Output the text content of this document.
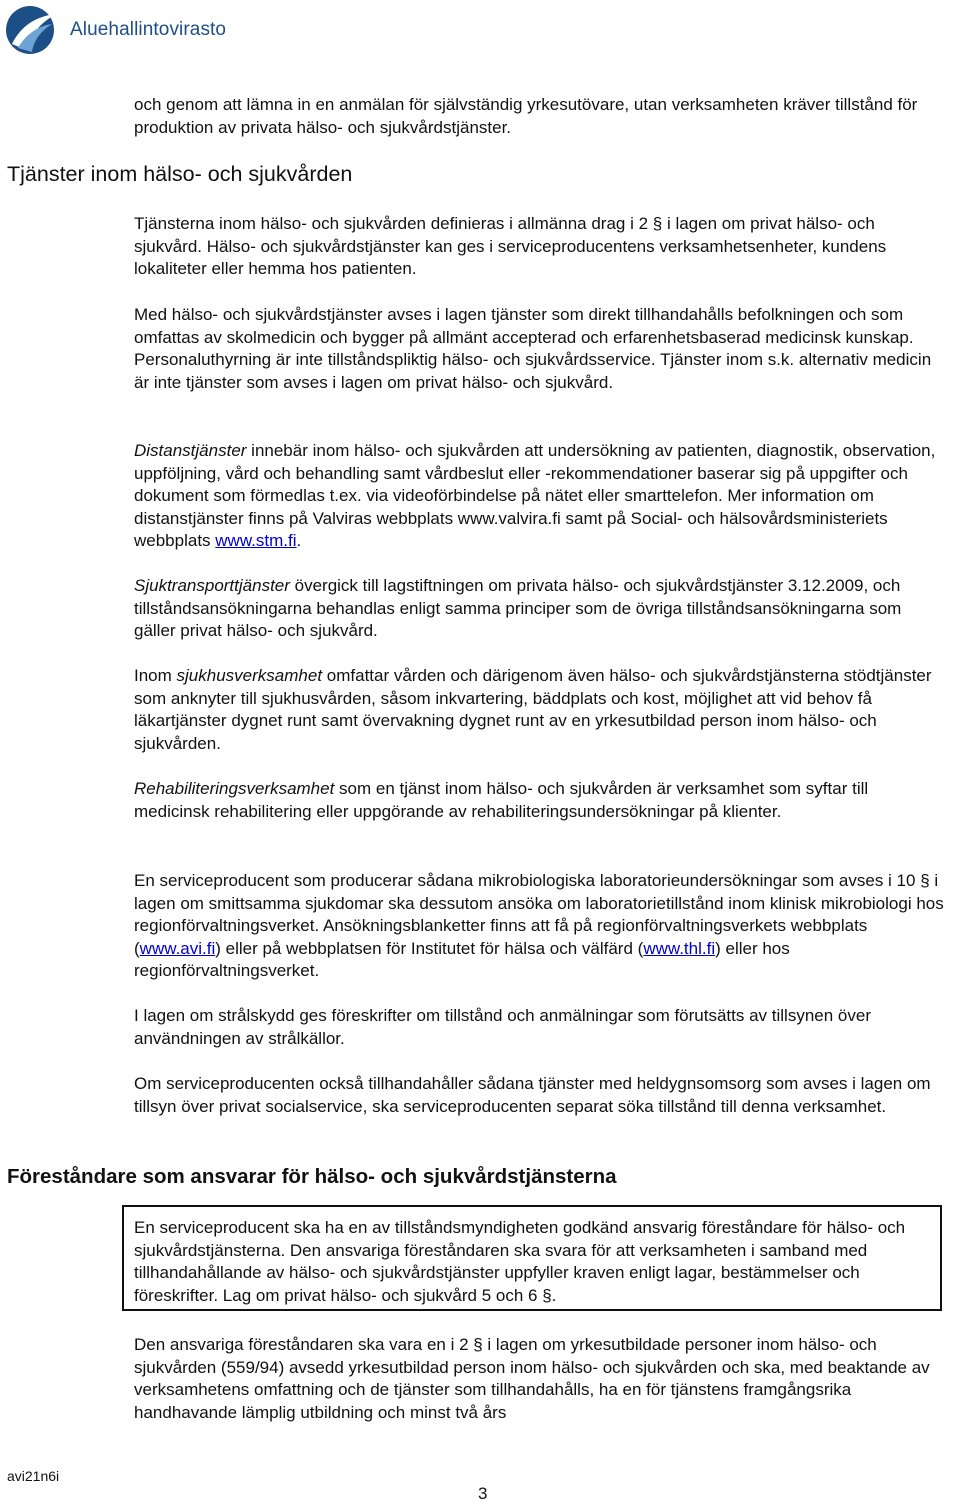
Aluehallintovirasto

och genom att lämna in en anmälan för självständig yrkesutövare, utan verksamheten kräver tillstånd för produktion av privata hälso- och sjukvårdstjänster.

Tjänster inom hälso- och sjukvården

Tjänsterna inom hälso- och sjukvården definieras i allmänna drag i 2 § i lagen om privat hälso- och sjukvård. Hälso- och sjukvårdstjänster kan ges i serviceproducentens verksamhetsenheter, kundens lokaliteter eller hemma hos patienten.

Med hälso- och sjukvårdstjänster avses i lagen tjänster som direkt tillhandahålls befolkningen och som omfattas av skolmedicin och bygger på allmänt accepterad och erfarenhetsbaserad medicinsk kunskap. Personaluthyrning är inte tillståndspliktig hälso- och sjukvårdsservice. Tjänster inom s.k. alternativ medicin är inte tjänster som avses i lagen om privat hälso- och sjukvård.

Distanstjänster innebär inom hälso- och sjukvården att undersökning av patienten, diagnostik, observation, uppföljning, vård och behandling samt vårdbeslut eller -rekommendationer baserar sig på uppgifter och dokument som förmedlas t.ex. via videoförbindelse på nätet eller smarttelefon. Mer information om distanstjänster finns på Valviras webbplats www.valvira.fi samt på Social- och hälsovårdsministeriets webbplats www.stm.fi.

Sjuktransporttjänster övergick till lagstiftningen om privata hälso- och sjukvårdstjänster 3.12.2009, och tillståndsansökningarna behandlas enligt samma principer som de övriga tillståndsansökningarna som gäller privat hälso- och sjukvård.

Inom sjukhusverksamhet omfattar vården och därigenom även hälso- och sjukvårdstjänsterna stödtjänster som anknyter till sjukhusvården, såsom inkvartering, bäddplats och kost, möjlighet att vid behov få läkartjänster dygnet runt samt övervakning dygnet runt av en yrkesutbildad person inom hälso- och sjukvården.

Rehabiliteringsverksamhet som en tjänst inom hälso- och sjukvården är verksamhet som syftar till medicinsk rehabilitering eller uppgörande av rehabiliteringsundersökningar på klienter.

En serviceproducent som producerar sådana mikrobiologiska laboratorieundersökningar som avses i 10 § i lagen om smittsamma sjukdomar ska dessutom ansöka om laboratorietillstånd inom klinisk mikrobiologi hos regionförvaltningsverket. Ansökningsblanketter finns att få på regionförvaltningsverkets webbplats (www.avi.fi) eller på webbplatsen för Institutet för hälsa och välfärd (www.thl.fi) eller hos regionförvaltningsverket.

I lagen om strålskydd ges föreskrifter om tillstånd och anmälningar som förutsätts av tillsynen över användningen av strålkällor.

Om serviceproducenten också tillhandahåller sådana tjänster med heldygnsomsorg som avses i lagen om tillsyn över privat socialservice, ska serviceproducenten separat söka tillstånd till denna verksamhet.

Föreståndare som ansvarar för hälso- och sjukvårdstjänsterna

En serviceproducent ska ha en av tillståndsmyndigheten godkänd ansvarig föreståndare för hälso- och sjukvårdstjänsterna. Den ansvariga föreståndaren ska svara för att verksamheten i samband med tillhandahållande av hälso- och sjukvårdstjänster uppfyller kraven enligt lagar, bestämmelser och föreskrifter. Lag om privat hälso- och sjukvård 5 och 6 §.

Den ansvariga föreståndaren ska vara en i 2 § i lagen om yrkesutbildade personer inom hälso- och sjukvården (559/94) avsedd yrkesutbildad person inom hälso- och sjukvården och ska, med beaktande av verksamhetens omfattning och de tjänster som tillhandahålls, ha en för tjänstens framgångsrika handhavande lämplig utbildning och minst två års

avi21n6i
3
